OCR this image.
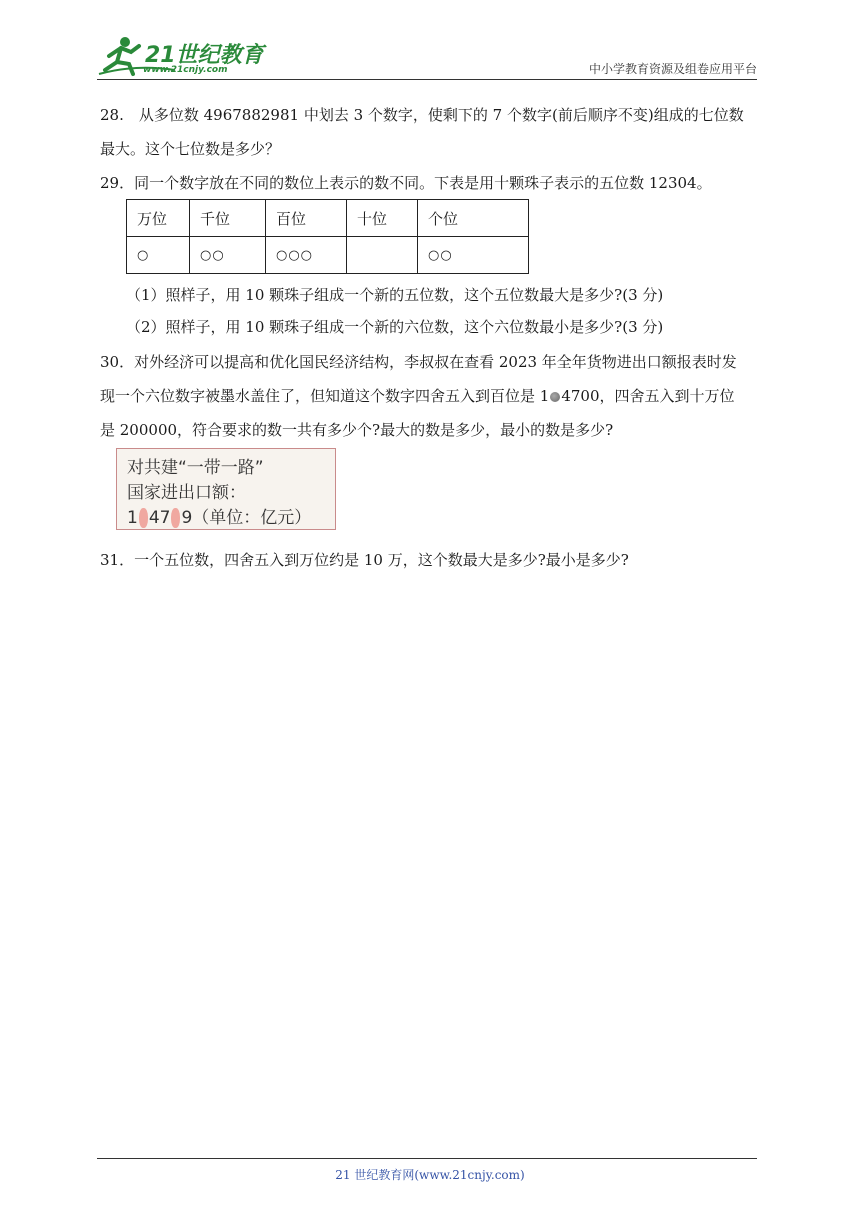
21世纪教育
www.21cnjy.com	中小学教育资源及组卷应用平台
28.　从多位数 4967882981 中划去 3 个数字，使剩下的 7 个数字(前后顺序不变)组成的七位数
最大。这个七位数是多少？
29．同一个数字放在不同的数位上表示的数不同。下表是用十颗珠子表示的五位数 12304。
万位	千位	百位	十位	个位
○	○○	○○○		○○
（1）照样子，用 10 颗珠子组成一个新的五位数，这个五位数最大是多少?(3 分)
（2）照样子，用 10 颗珠子组成一个新的六位数，这个六位数最小是多少?(3 分)
30．对外经济可以提高和优化国民经济结构，李叔叔在查看 2023 年全年货物进出口额报表时发
现一个六位数字被墨水盖住了，但知道这个数字四舍五入到百位是 1 4700，四舍五入到十万位
是 200000，符合要求的数一共有多少个?最大的数是多少，最小的数是多少?
对共建“一带一路”
国家进出口额：
1 47 9（单位：亿元）
31．一个五位数，四舍五入到万位约是 10 万，这个数最大是多少?最小是多少?
21 世纪教育网(www.21cnjy.com)
